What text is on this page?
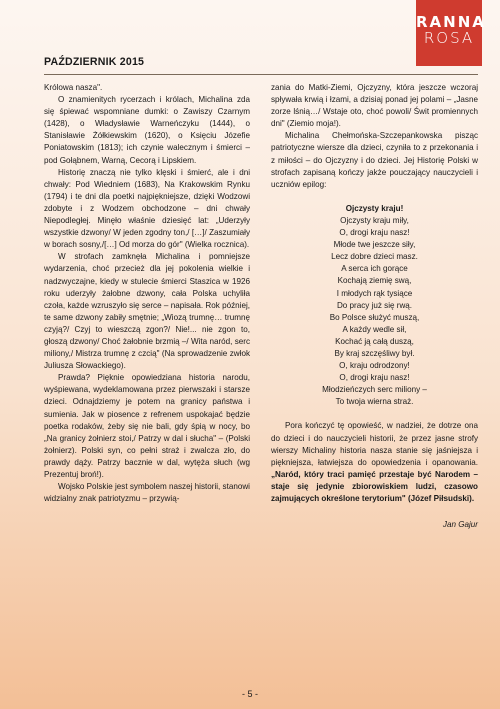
RANNA
ROSA
PAŹDZIERNIK 2015

Królowa nasza".

O znamienitych rycerzach i królach, Michalina zda się śpiewać wspomniane dumki: o Zawiszy Czarnym (1428), o Władysławie Warneńczyku (1444), o Stanisławie Żółkiewskim (1620), o Księciu Józefie Poniatowskim (1813); ich czynie walecznym i śmierci – pod Gołąbnem, Warną, Cecorą i Lipskiem.

Historię znaczą nie tylko klęski i śmierć, ale i dni chwały: Pod Wiedniem (1683), Na Krakowskim Rynku (1794) i te dni dla poetki najpiękniejsze, dzięki Wodzowi zdobyte i z Wodzem obchodzone – dni chwały Niepodległej. Minęło właśnie dziesięć lat: „Uderzyły wszystkie dzwony/ W jeden zgodny ton,/ […]/ Zaszumiały w borach sosny,/[…] Od morza do gór" (Wielka rocznica).

W strofach zamknęła Michalina i pomniejsze wydarzenia, choć przecież dla jej pokolenia wielkie i nadzwyczajne, kiedy w stulecie śmierci Staszica w 1926 roku uderzyły żałobne dzwony, cała Polska uchyliła czoła, każde wzruszyło się serce – napisała. Rok później, te same dzwony zabiły smętnie; „Wiozą trumnę… trumnę czyją?/ Czyj to wieszczą zgon?/ Nie!... nie zgon to, głoszą dzwony/ Choć żałobnie brzmią –/ Wita naród, serc miliony,/ Mistrza trumnę z czcią" (Na sprowadzenie zwłok Juliusza Słowackiego).

Prawda? Pięknie opowiedziana historia narodu, wyśpiewana, wydeklamowana przez pierwszaki i starsze dzieci. Odnajdziemy je potem na granicy państwa i sumienia. Jak w piosence z refrenem uspokajać będzie poetka rodaków, żeby się nie bali, gdy śpią w nocy, bo „Na granicy żołnierz stoi,/ Patrzy w dal i słucha" – (Polski żołnierz). Polski syn, co pełni straż i zwalcza zło, do prawdy dąży. Patrzy bacznie w dal, wytęża słuch (wg Prezentuj broń!).

Wojsko Polskie jest symbolem naszej historii, stanowi widzialny znak patriotyzmu – przywią-

zania do Matki-Ziemi, Ojczyzny, która jeszcze wczoraj spływała krwią i łzami, a dzisiaj ponad jej polami – „Jasne zorze lśnią…/ Wstaje oto, choć powoli/ Świt promiennych dni" (Ziemio moja!).

Michalina Chełmońska-Szczepankowska pisząc patriotyczne wiersze dla dzieci, czyniła to z przekonania i z miłości – do Ojczyzny i do dzieci. Jej Historię Polski w strofach zapisaną kończy jakże pouczający nauczycieli i uczniów epilog:

Ojczysty kraju!
Ojczysty kraju miły,
O, drogi kraju nasz!
Młode twe jeszcze siły,
Lecz dobre dzieci masz.
A serca ich gorące
Kochają ziemię swą,
I młodych rąk tysiące
Do pracy już się rwą.
Bo Polsce służyć muszą,
A każdy wedle sił,
Kochać ją całą duszą,
By kraj szczęśliwy był.
O, kraju odrodzony!
O, drogi kraju nasz!
Młodzieńczych serc miliony –
To twoja wierna straż.

Pora kończyć tę opowieść, w nadziei, że dotrze ona do dzieci i do nauczycieli historii, że przez jasne strofy wierszy Michaliny historia nasza stanie się jaśniejsza i piękniejsza, łatwiejsza do opowiedzenia i opanowania. „Naród, który traci pamięć przestaje być Narodem – staje się jedynie zbiorowiskiem ludzi, czasowo zajmujących określone terytorium" (Józef Piłsudski).

Jan Gajur
- 5 -
